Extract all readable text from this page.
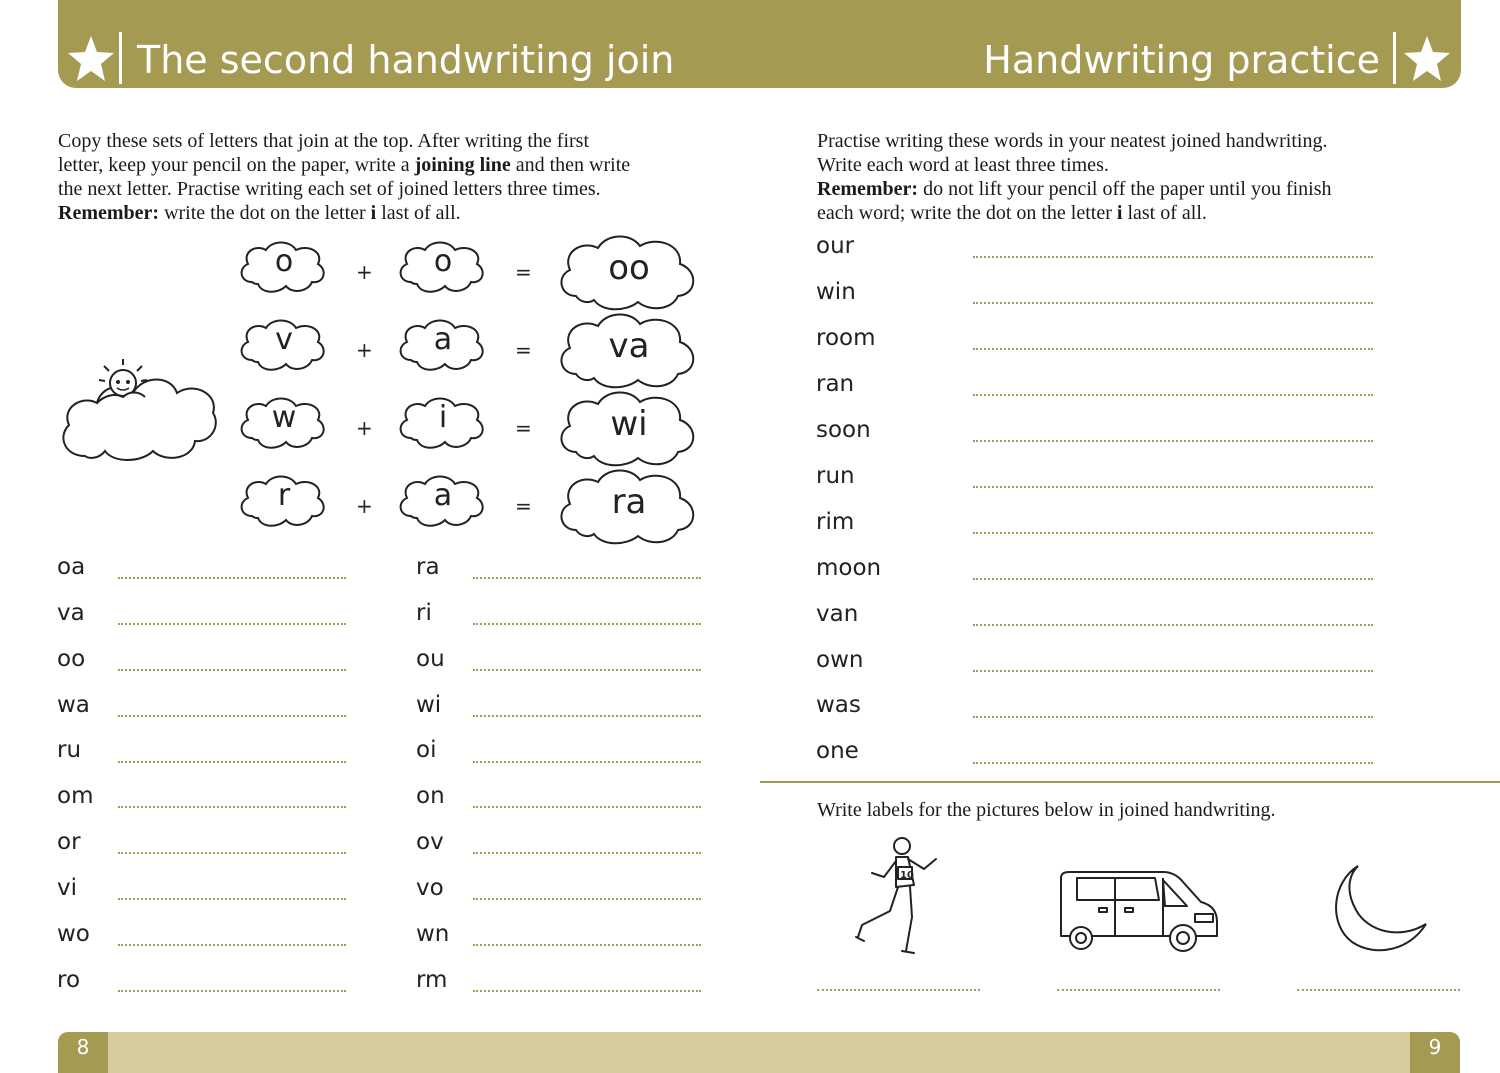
The second handwriting join	Handwriting practice
Copy these sets of letters that join at the top. After writing the first
letter, keep your pencil on the paper, write a joining line and then write
the next letter. Practise writing each set of joined letters three times.
Remember: write the dot on the letter i last of all.
o	+	o	=	oo
v	+	a	=	va
w	+	i	=	wi
r	+	a	=	ra
oa
va
oo
wa
ru
om
or
vi
wo
ro
ra
ri
ou
wi
oi
on
ov
vo
wn
rm
Practise writing these words in your neatest joined handwriting.
Write each word at least three times.
Remember: do not lift your pencil off the paper until you finish
each word; write the dot on the letter i last of all.
our
win
room
ran
soon
run
rim
moon
van
own
was
one
Write labels for the pictures below in joined handwriting.
10
8	9
